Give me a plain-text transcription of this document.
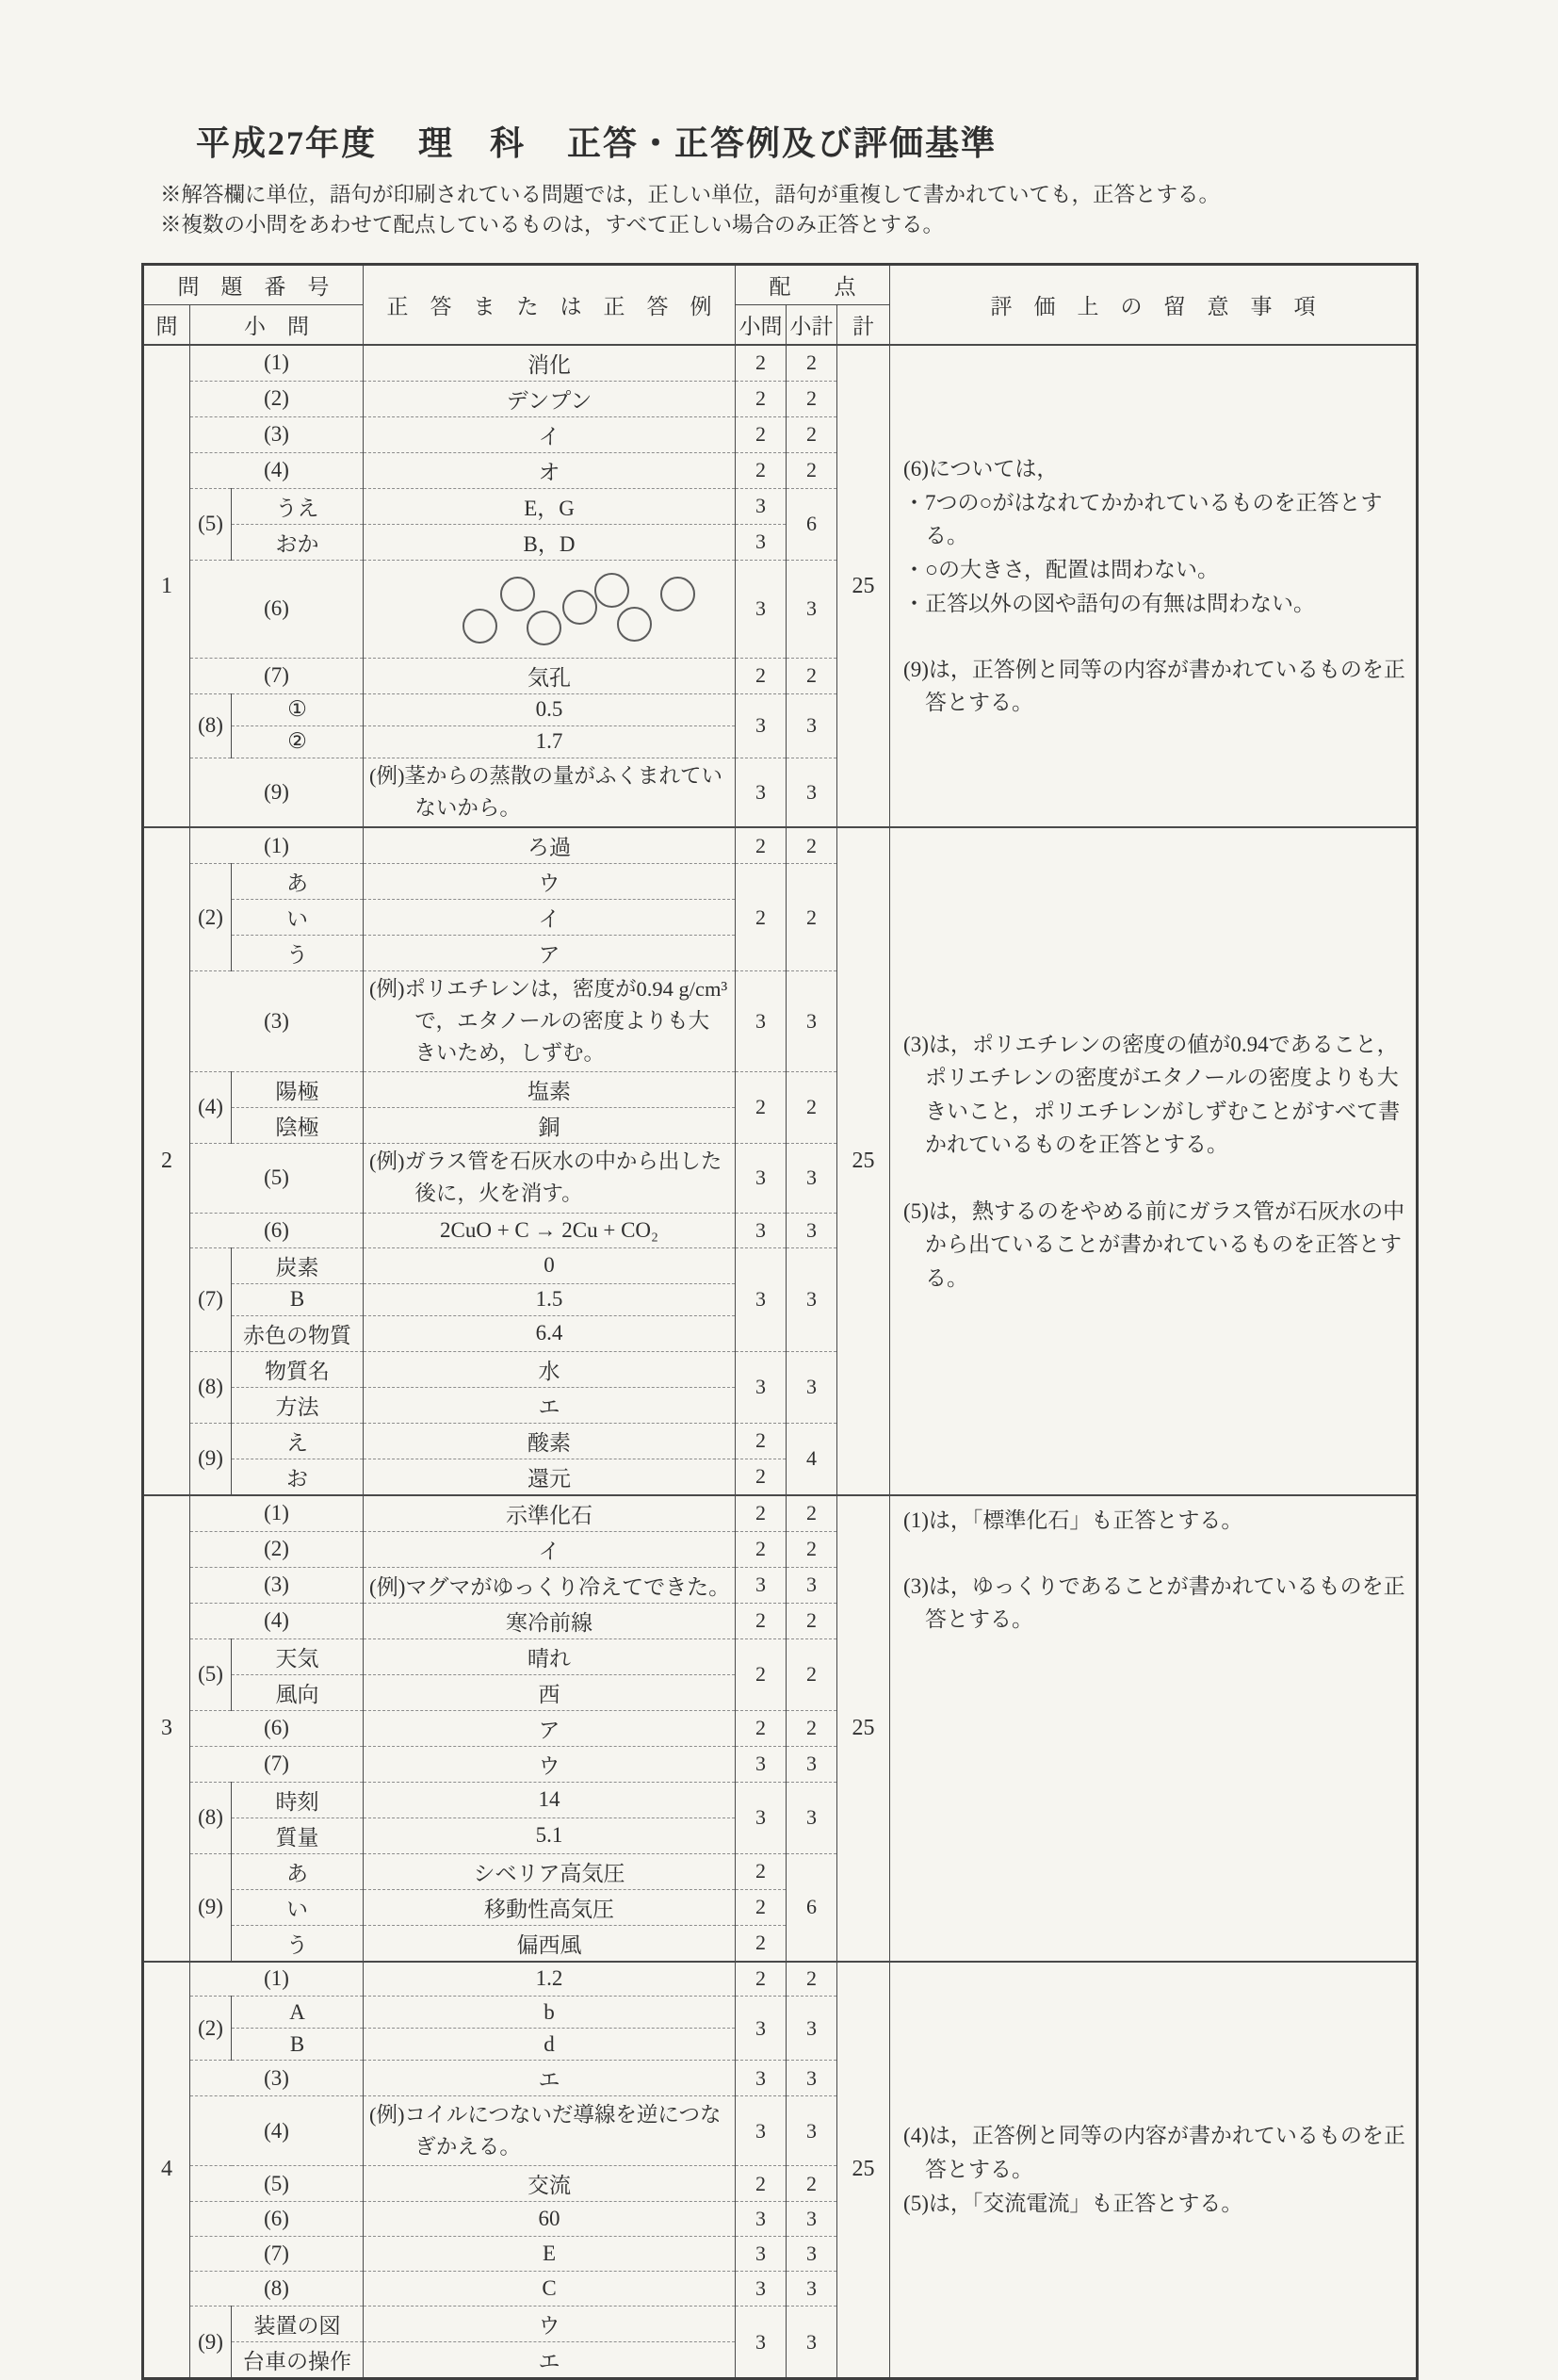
平成27年度 理　科 正答・正答例及び評価基準

※解答欄に単位，語句が印刷されている問題では，正しい単位，語句が重複して書かれていても，正答とする。

※複数の小問をあわせて配点しているものは，すべて正しい場合のみ正答とする。

問　題　番　号			正　答　ま　た　は　正　答　例	配　　点			評　価　上　の　留　意　事　項
問	小　問			小問	小計	計	
1	(1)		消化	2	2	25	(6)については，

・7つの○がはなれてかかれているものを正答とする。

・○の大きさ，配置は問わない。

・正答以外の図や語句の有無は問わない。

(9)は，正答例と同等の内容が書かれているものを正答とする。

	(2)		デンプン	2	2		
	(3)		イ	2	2		
	(4)		オ	2	2		
	(5)	うえ	E，G	3	6		
		おか	B，D	3			
	(6)			3	3		
	(7)		気孔	2	2		
	(8)	①	0.5	3	3		
		②	1.7				
	(9)		(例)茎からの蒸散の量がふくまれていないから。	3	3		
2	(1)		ろ過	2	2	25	(3)は，ポリエチレンの密度の値が0.94であること，ポリエチレンの密度がエタノールの密度よりも大きいこと，ポリエチレンがしずむことがすべて書かれているものを正答とする。

(5)は，熱するのをやめる前にガラス管が石灰水の中から出ていることが書かれているものを正答とする。

	(2)	あ	ウ	2	2		
		い	イ				
		う	ア				
	(3)		(例)ポリエチレンは，密度が0.94 g/cm³で，エタノールの密度よりも大きいため，しずむ。	3	3		
	(4)	陽極	塩素	2	2		
		陰極	銅				
	(5)		(例)ガラス管を石灰水の中から出した後に，火を消す。	3	3		
	(6)		2CuO + C → 2Cu + CO₂	3	3		
	(7)	炭素	0	3	3		
		B	1.5				
		赤色の物質	6.4				
	(8)	物質名	水	3	3		
		方法	エ				
	(9)	え	酸素	2	4		
		お	還元	2			
3	(1)		示準化石	2	2	25	(1)は，「標準化石」も正答とする。

(3)は，ゆっくりであることが書かれているものを正答とする。

	(2)		イ	2	2		
	(3)		(例)マグマがゆっくり冷えてできた。	3	3		
	(4)		寒冷前線	2	2		
	(5)	天気	晴れ	2	2		
		風向	西				
	(6)		ア	2	2		
	(7)		ウ	3	3		
	(8)	時刻	14	3	3		
		質量	5.1				
	(9)	あ	シベリア高気圧	2	6		
		い	移動性高気圧	2			
		う	偏西風	2			
4	(1)		1.2	2	2	25	(4)は，正答例と同等の内容が書かれているものを正答とする。

(5)は，「交流電流」も正答とする。

	(2)	A	b	3	3		
		B	d				
	(3)		エ	3	3		
	(4)		(例)コイルにつないだ導線を逆につなぎかえる。	3	3		
	(5)		交流	2	2		
	(6)		60	3	3		
	(7)		E	3	3		
	(8)		C	3	3		
	(9)	装置の図	ウ	3	3		
		台車の操作	エ				
